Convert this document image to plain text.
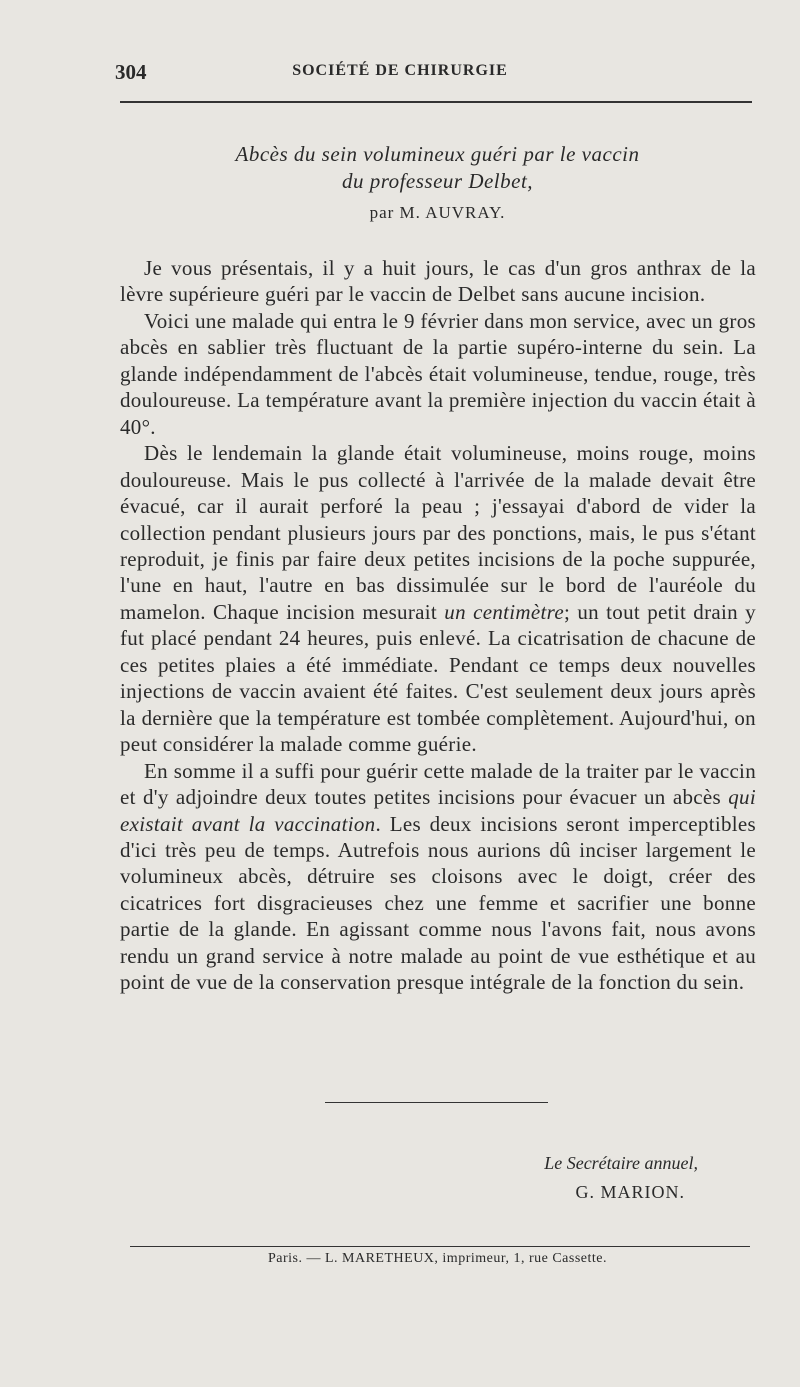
304	SOCIÉTÉ DE CHIRURGIE
Abcès du sein volumineux guéri par le vaccin
du professeur Delbet,
par M. AUVRAY.

Je vous présentais, il y a huit jours, le cas d'un gros anthrax de la lèvre supérieure guéri par le vaccin de Delbet sans aucune incision.

Voici une malade qui entra le 9 février dans mon service, avec un gros abcès en sablier très fluctuant de la partie supéro-interne du sein. La glande indépendamment de l'abcès était volumineuse, tendue, rouge, très douloureuse. La température avant la première injection du vaccin était à 40°.

Dès le lendemain la glande était volumineuse, moins rouge, moins douloureuse. Mais le pus collecté à l'arrivée de la malade devait être évacué, car il aurait perforé la peau ; j'essayai d'abord de vider la collection pendant plusieurs jours par des ponctions, mais, le pus s'étant reproduit, je finis par faire deux petites incisions de la poche suppurée, l'une en haut, l'autre en bas dissimulée sur le bord de l'auréole du mamelon. Chaque incision mesurait un centimètre; un tout petit drain y fut placé pendant 24 heures, puis enlevé. La cicatrisation de chacune de ces petites plaies a été immédiate. Pendant ce temps deux nouvelles injections de vaccin avaient été faites. C'est seulement deux jours après la dernière que la température est tombée complètement. Aujourd'hui, on peut considérer la malade comme guérie.

En somme il a suffi pour guérir cette malade de la traiter par le vaccin et d'y adjoindre deux toutes petites incisions pour évacuer un abcès qui existait avant la vaccination. Les deux incisions seront imperceptibles d'ici très peu de temps. Autrefois nous aurions dû inciser largement le volumineux abcès, détruire ses cloisons avec le doigt, créer des cicatrices fort disgracieuses chez une femme et sacrifier une bonne partie de la glande. En agissant comme nous l'avons fait, nous avons rendu un grand service à notre malade au point de vue esthétique et au point de vue de la conservation presque intégrale de la fonction du sein.

Le Secrétaire annuel,
G. MARION.
Paris. — L. MARETHEUX, imprimeur, 1, rue Cassette.
